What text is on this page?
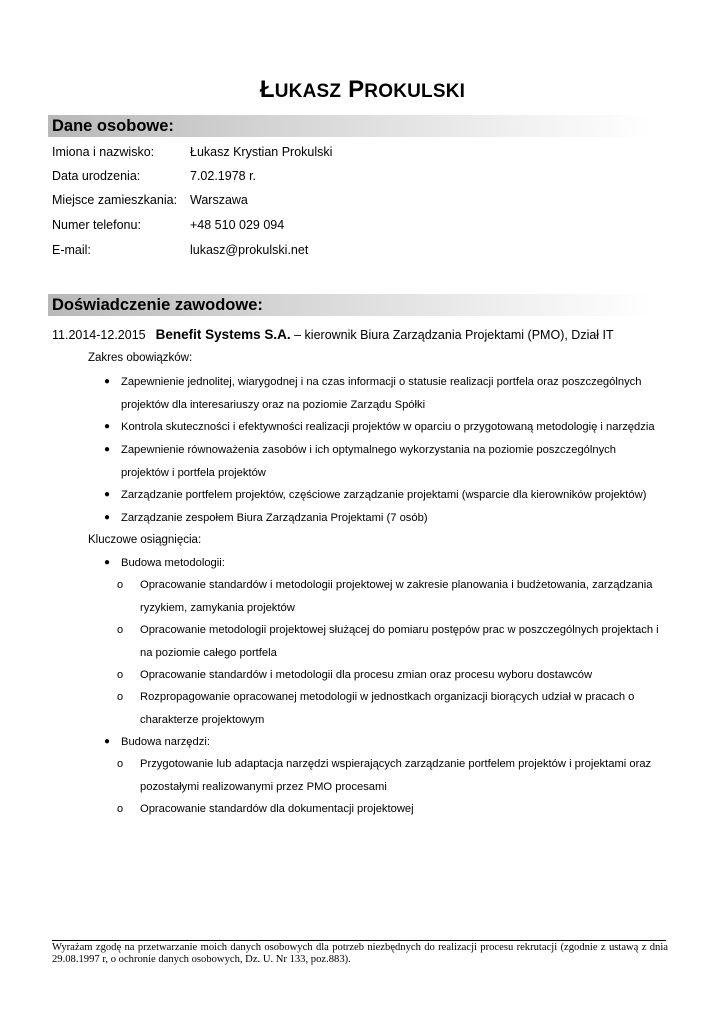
ŁUKASZ PROKULSKI
Dane osobowe:
Imiona i nazwisko:	Łukasz Krystian Prokulski
Data urodzenia:	7.02.1978 r.
Miejsce zamieszkania:	Warszawa
Numer telefonu:	+48 510 029 094
E-mail:	lukasz@prokulski.net
Doświadczenie zawodowe:
11.2014-12.2015 Benefit Systems S.A. – kierownik Biura Zarządzania Projektami (PMO), Dział IT
Zakres obowiązków:
● Zapewnienie jednolitej, wiarygodnej i na czas informacji o statusie realizacji portfela oraz poszczególnych
projektów dla interesariuszy oraz na poziomie Zarządu Spółki
● Kontrola skuteczności i efektywności realizacji projektów w oparciu o przygotowaną metodologię i narzędzia
● Zapewnienie równoważenia zasobów i ich optymalnego wykorzystania na poziomie poszczególnych
projektów i portfela projektów
● Zarządzanie portfelem projektów, częściowe zarządzanie projektami (wsparcie dla kierowników projektów)
● Zarządzanie zespołem Biura Zarządzania Projektami (7 osób)
Kluczowe osiągnięcia:
● Budowa metodologii:
o Opracowanie standardów i metodologii projektowej w zakresie planowania i budżetowania, zarządzania
ryzykiem, zamykania projektów
o Opracowanie metodologii projektowej służącej do pomiaru postępów prac w poszczególnych projektach i
na poziomie całego portfela
o Opracowanie standardów i metodologii dla procesu zmian oraz procesu wyboru dostawców
o Rozpropagowanie opracowanej metodologii w jednostkach organizacji biorących udział w pracach o
charakterze projektowym
● Budowa narzędzi:
o Przygotowanie lub adaptacja narzędzi wspierających zarządzanie portfelem projektów i projektami oraz
pozostałymi realizowanymi przez PMO procesami
o Opracowanie standardów dla dokumentacji projektowej
Wyrażam zgodę na przetwarzanie moich danych osobowych dla potrzeb niezbędnych do realizacji procesu rekrutacji (zgodnie z ustawą z dnia 29.08.1997 r, o ochronie danych osobowych, Dz. U. Nr 133, poz.883).
